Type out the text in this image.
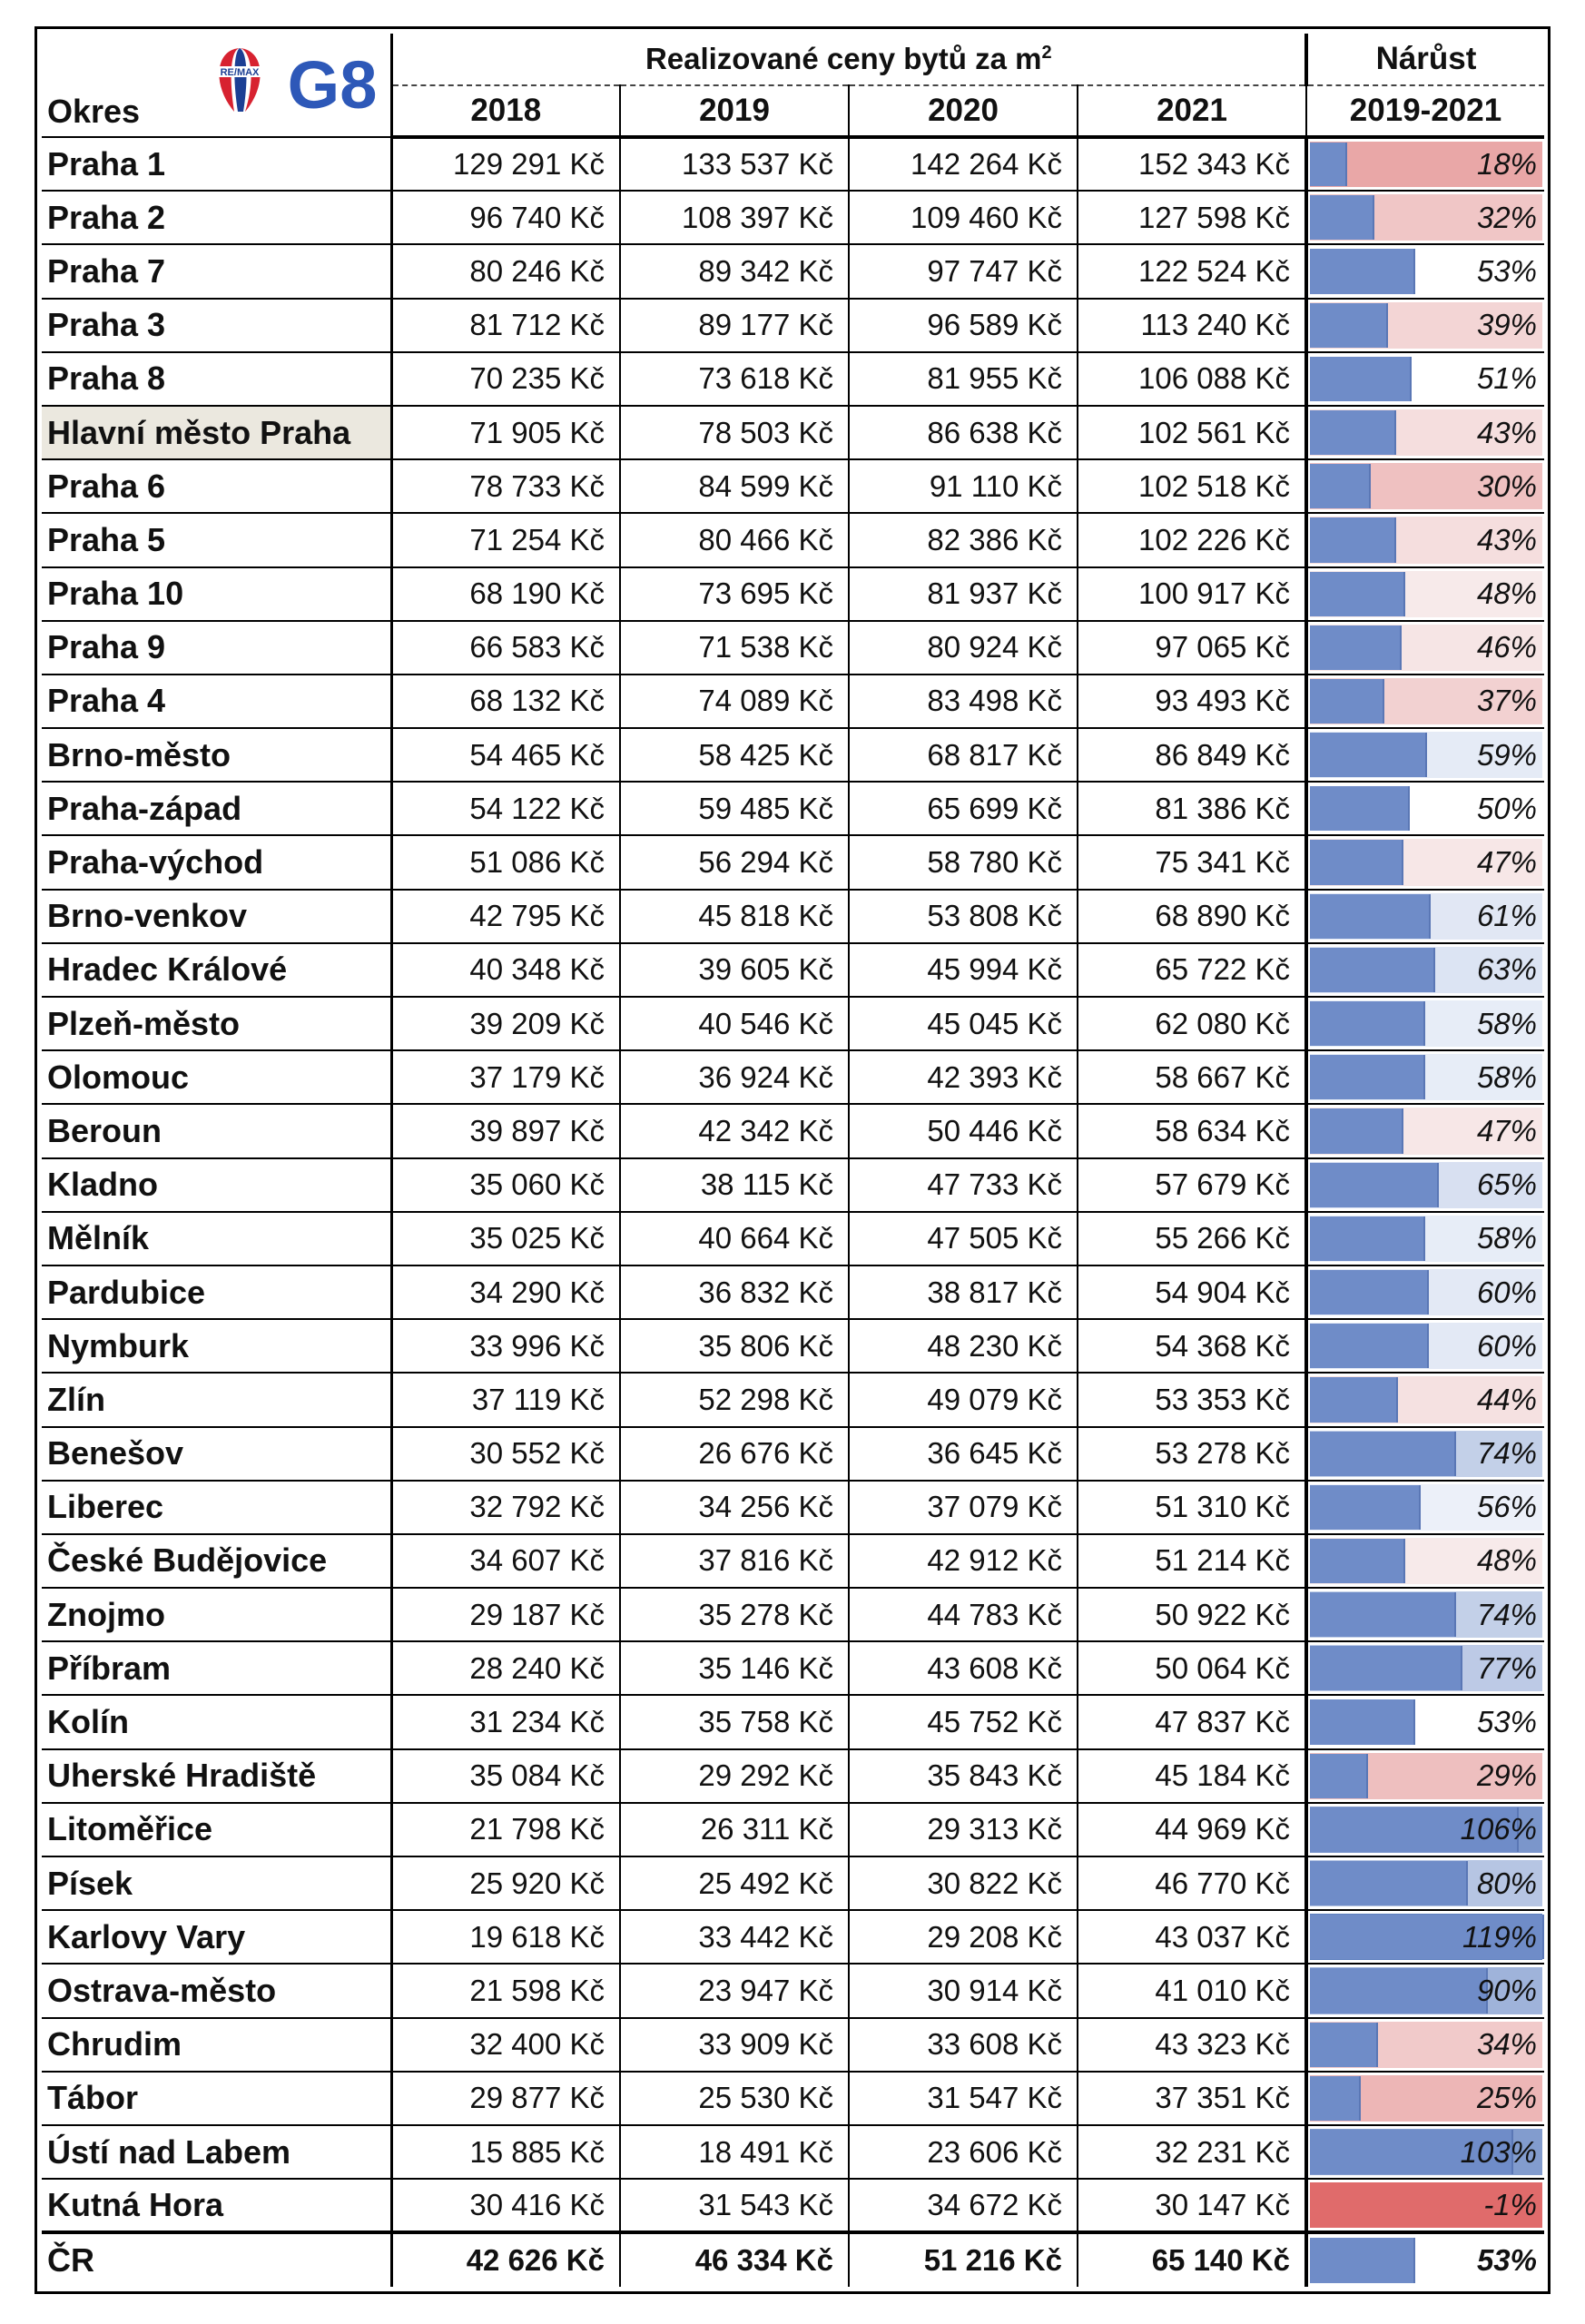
RE/MAX G8
Okres	Realizované ceny bytů za $m^2$				Nárůst
	2018	2019	2020	2021	2019-2021
Praha 1	129 291 Kč	133 537 Kč	142 264 Kč	152 343 Kč	18%

Praha 2	96 740 Kč	108 397 Kč	109 460 Kč	127 598 Kč	32%

Praha 7	80 246 Kč	89 342 Kč	97 747 Kč	122 524 Kč	53%

Praha 3	81 712 Kč	89 177 Kč	96 589 Kč	113 240 Kč	39%

Praha 8	70 235 Kč	73 618 Kč	81 955 Kč	106 088 Kč	51%

Hlavní město Praha	71 905 Kč	78 503 Kč	86 638 Kč	102 561 Kč	43%

Praha 6	78 733 Kč	84 599 Kč	91 110 Kč	102 518 Kč	30%

Praha 5	71 254 Kč	80 466 Kč	82 386 Kč	102 226 Kč	43%

Praha 10	68 190 Kč	73 695 Kč	81 937 Kč	100 917 Kč	48%

Praha 9	66 583 Kč	71 538 Kč	80 924 Kč	97 065 Kč	46%

Praha 4	68 132 Kč	74 089 Kč	83 498 Kč	93 493 Kč	37%

Brno-město	54 465 Kč	58 425 Kč	68 817 Kč	86 849 Kč	59%

Praha-západ	54 122 Kč	59 485 Kč	65 699 Kč	81 386 Kč	50%

Praha-východ	51 086 Kč	56 294 Kč	58 780 Kč	75 341 Kč	47%

Brno-venkov	42 795 Kč	45 818 Kč	53 808 Kč	68 890 Kč	61%

Hradec Králové	40 348 Kč	39 605 Kč	45 994 Kč	65 722 Kč	63%

Plzeň-město	39 209 Kč	40 546 Kč	45 045 Kč	62 080 Kč	58%

Olomouc	37 179 Kč	36 924 Kč	42 393 Kč	58 667 Kč	58%

Beroun	39 897 Kč	42 342 Kč	50 446 Kč	58 634 Kč	47%

Kladno	35 060 Kč	38 115 Kč	47 733 Kč	57 679 Kč	65%

Mělník	35 025 Kč	40 664 Kč	47 505 Kč	55 266 Kč	58%

Pardubice	34 290 Kč	36 832 Kč	38 817 Kč	54 904 Kč	60%

Nymburk	33 996 Kč	35 806 Kč	48 230 Kč	54 368 Kč	60%

Zlín	37 119 Kč	52 298 Kč	49 079 Kč	53 353 Kč	44%

Benešov	30 552 Kč	26 676 Kč	36 645 Kč	53 278 Kč	74%

Liberec	32 792 Kč	34 256 Kč	37 079 Kč	51 310 Kč	56%

České Budějovice	34 607 Kč	37 816 Kč	42 912 Kč	51 214 Kč	48%

Znojmo	29 187 Kč	35 278 Kč	44 783 Kč	50 922 Kč	74%

Příbram	28 240 Kč	35 146 Kč	43 608 Kč	50 064 Kč	77%

Kolín	31 234 Kč	35 758 Kč	45 752 Kč	47 837 Kč	53%

Uherské Hradiště	35 084 Kč	29 292 Kč	35 843 Kč	45 184 Kč	29%

Litoměřice	21 798 Kč	26 311 Kč	29 313 Kč	44 969 Kč	106%

Písek	25 920 Kč	25 492 Kč	30 822 Kč	46 770 Kč	80%

Karlovy Vary	19 618 Kč	33 442 Kč	29 208 Kč	43 037 Kč	119%

Ostrava-město	21 598 Kč	23 947 Kč	30 914 Kč	41 010 Kč	90%

Chrudim	32 400 Kč	33 909 Kč	33 608 Kč	43 323 Kč	34%

Tábor	29 877 Kč	25 530 Kč	31 547 Kč	37 351 Kč	25%

Ústí nad Labem	15 885 Kč	18 491 Kč	23 606 Kč	32 231 Kč	103%

Kutná Hora	30 416 Kč	31 543 Kč	34 672 Kč	30 147 Kč	-1%

ČR	42 626 Kč	46 334 Kč	51 216 Kč	65 140 Kč	53%
